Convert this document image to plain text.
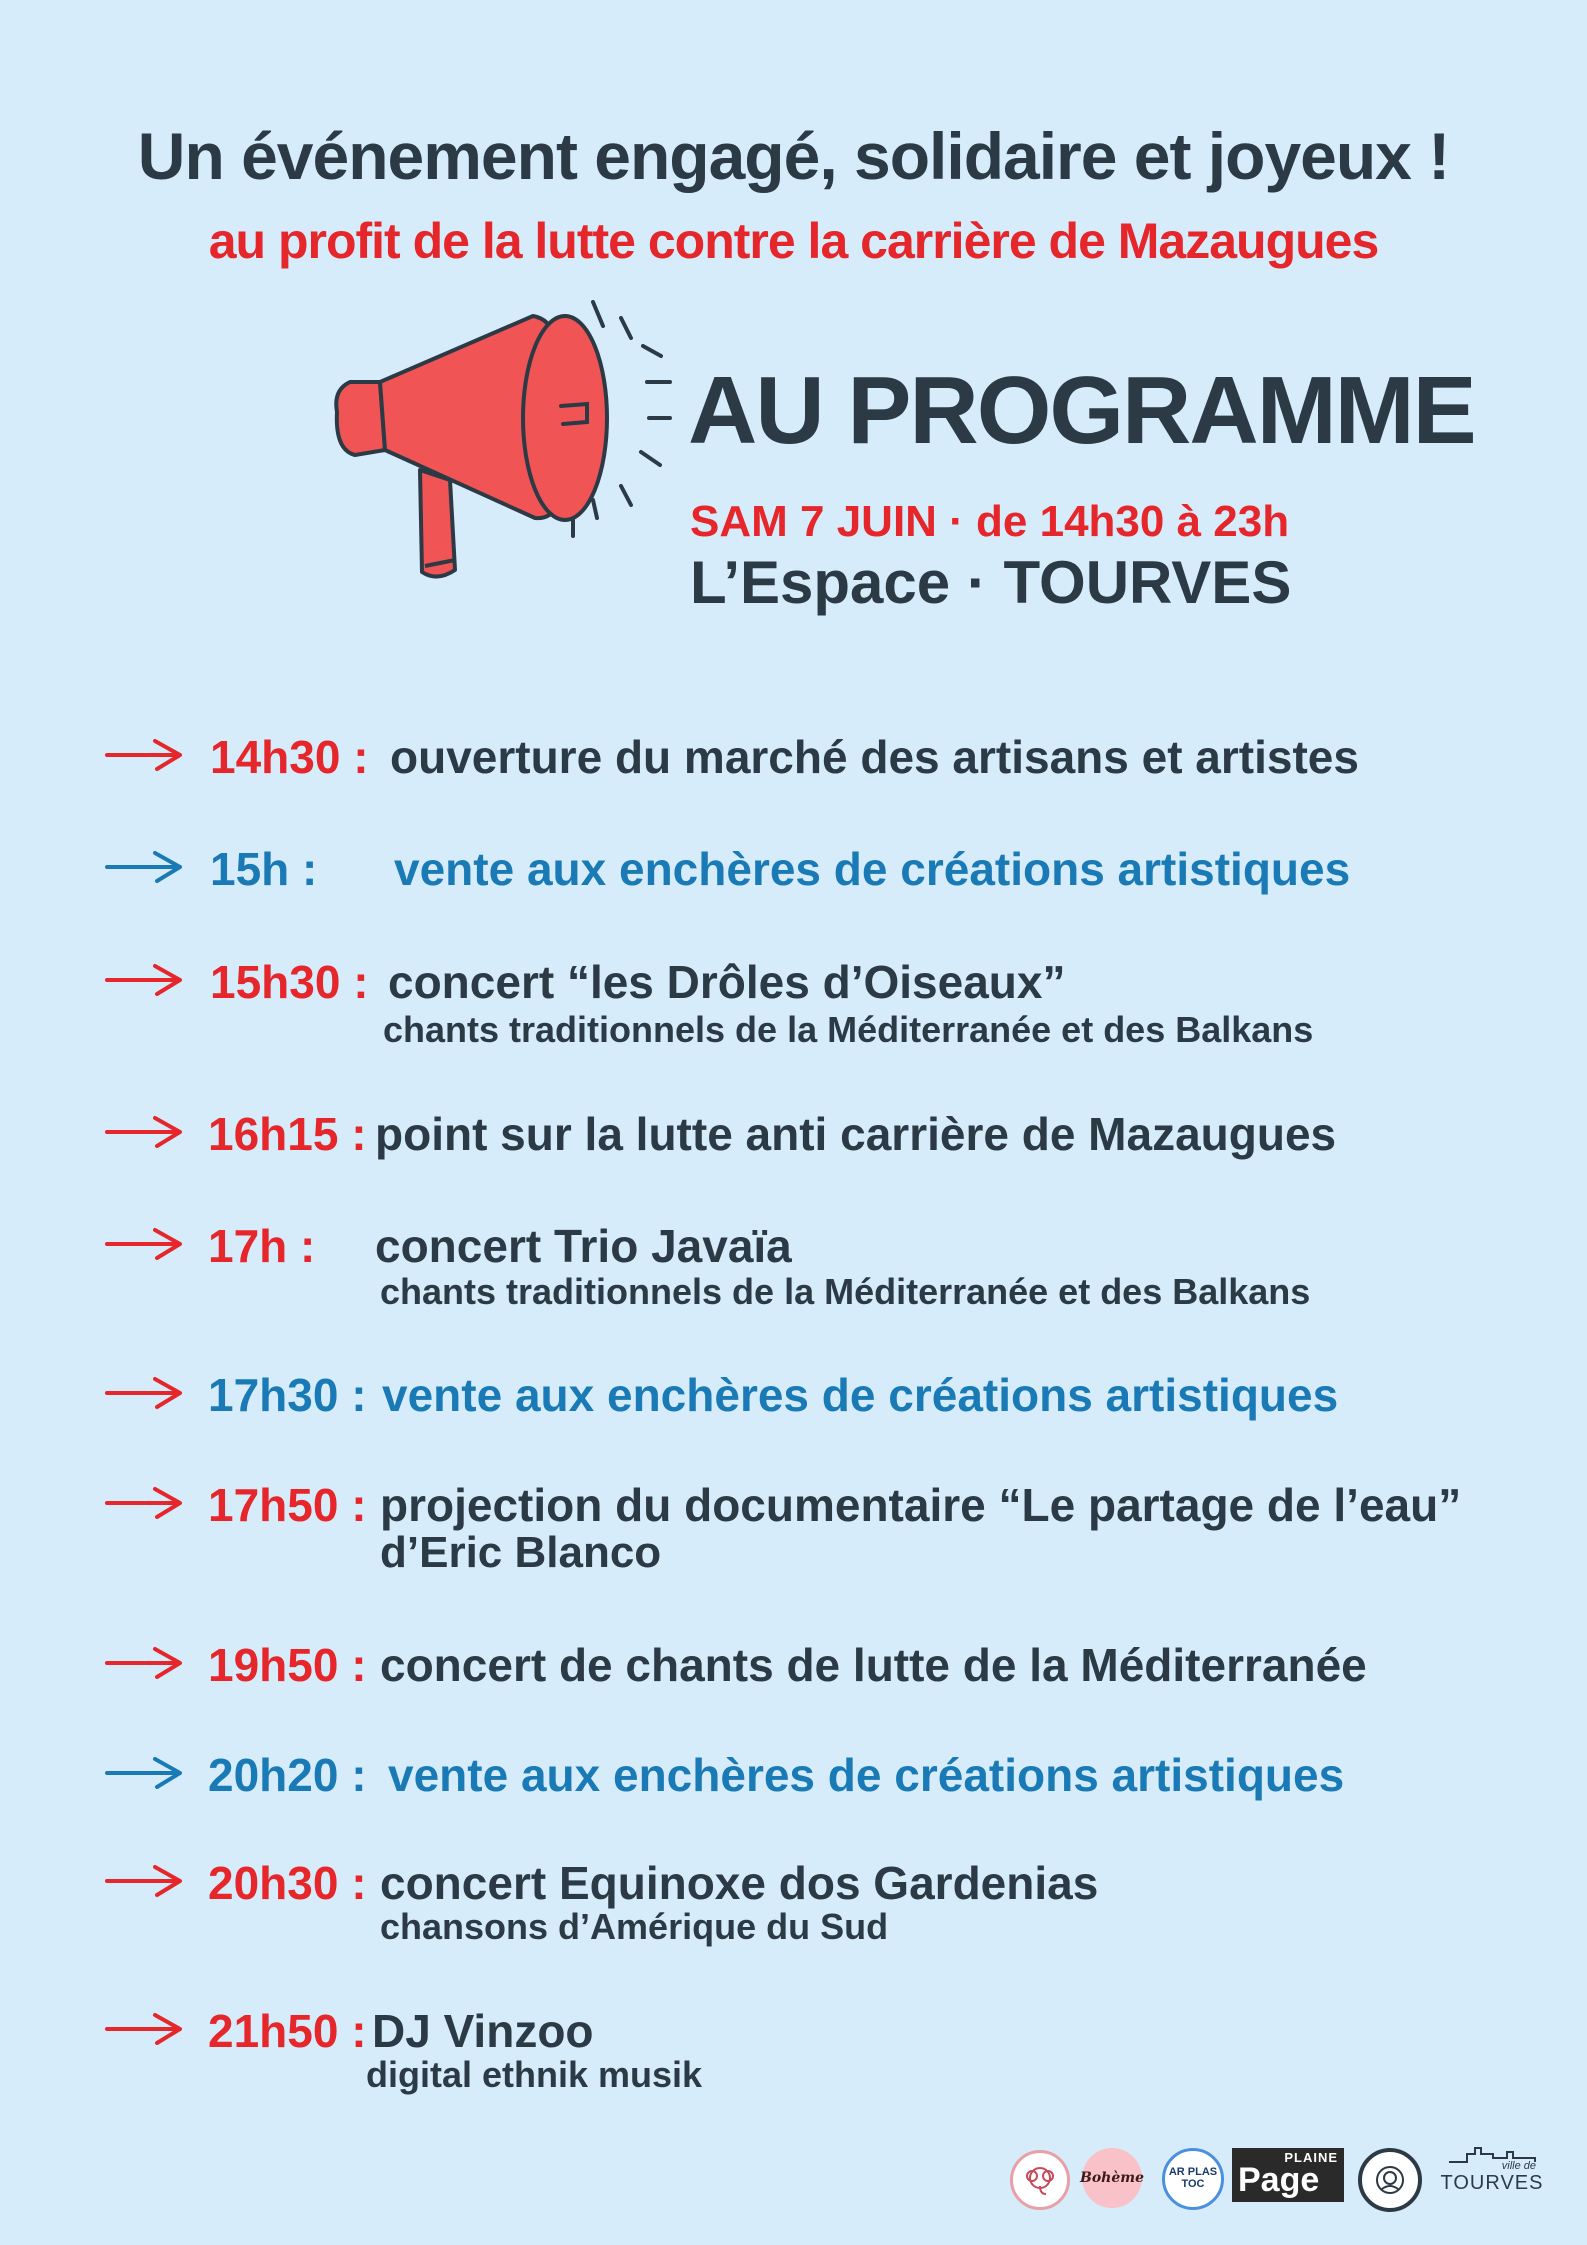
Un événement engagé, solidaire et joyeux !
au profit de la lutte contre la carrière de Mazaugues
AU PROGRAMME
SAM 7 JUIN · de 14h30 à 23h
L’Espace · TOURVES
14h30 : ouverture du marché des artisans et artistes
15h : vente aux enchères de créations artistiques
15h30 : concert “les Drôles d’Oiseaux”
chants traditionnels de la Méditerranée et des Balkans
16h15 : point sur la lutte anti carrière de Mazaugues
17h : concert Trio Javaïa
chants traditionnels de la Méditerranée et des Balkans
17h30 : vente aux enchères de créations artistiques
17h50 : projection du documentaire “Le partage de l’eau”
d’Eric Blanco
19h50 : concert de chants de lutte de la Méditerranée
20h20 : vente aux enchères de créations artistiques
20h30 : concert Equinoxe dos Gardenias
chansons d’Amérique du Sud
21h50 : DJ Vinzoo
digital ethnik musik
Bohème	AR PLAS TOC
PLAINE
Page	ville de
TOURVES
